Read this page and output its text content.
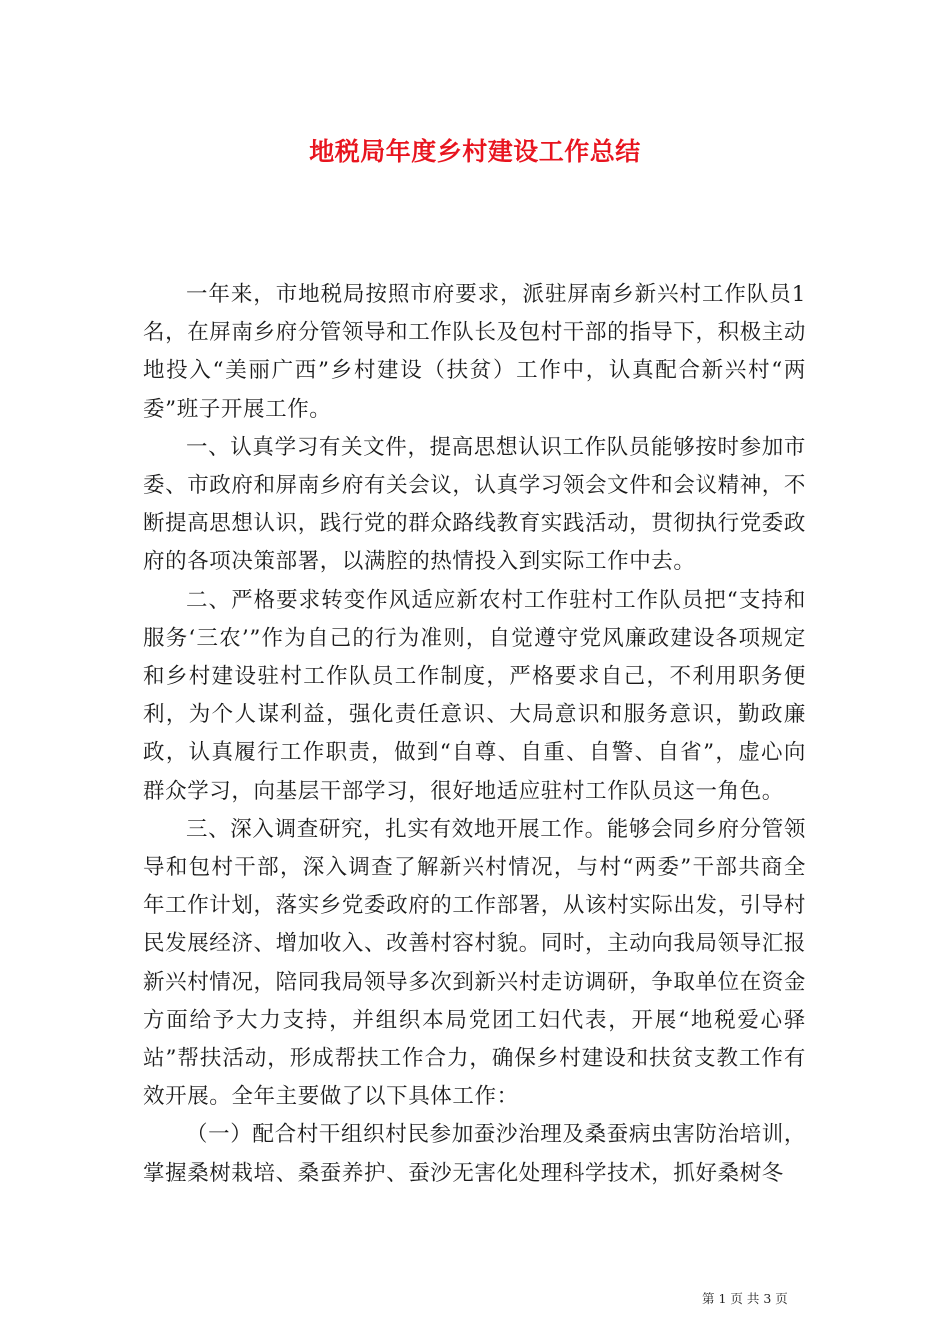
地税局年度乡村建设工作总结

一年来，市地税局按照市府要求，派驻屏南乡新兴村工作队员1名，在屏南乡府分管领导和工作队长及包村干部的指导下，积极主动地投入“美丽广西”乡村建设（扶贫）工作中，认真配合新兴村“两委”班子开展工作。

一、认真学习有关文件，提高思想认识工作队员能够按时参加市委、市政府和屏南乡府有关会议，认真学习领会文件和会议精神，不断提高思想认识，践行党的群众路线教育实践活动，贯彻执行党委政府的各项决策部署，以满腔的热情投入到实际工作中去。

二、严格要求转变作风适应新农村工作驻村工作队员把“支持和服务‘三农’”作为自己的行为准则，自觉遵守党风廉政建设各项规定和乡村建设驻村工作队员工作制度，严格要求自己，不利用职务便利，为个人谋利益，强化责任意识、大局意识和服务意识，勤政廉政，认真履行工作职责，做到“自尊、自重、自警、自省”，虚心向群众学习，向基层干部学习，很好地适应驻村工作队员这一角色。

三、深入调查研究，扎实有效地开展工作。能够会同乡府分管领导和包村干部，深入调查了解新兴村情况，与村“两委”干部共商全年工作计划，落实乡党委政府的工作部署，从该村实际出发，引导村民发展经济、增加收入、改善村容村貌。同时，主动向我局领导汇报新兴村情况，陪同我局领导多次到新兴村走访调研，争取单位在资金方面给予大力支持，并组织本局党团工妇代表，开展“地税爱心驿站”帮扶活动，形成帮扶工作合力，确保乡村建设和扶贫支教工作有效开展。全年主要做了以下具体工作：

（一）配合村干组织村民参加蚕沙治理及桑蚕病虫害防治培训，掌握桑树栽培、桑蚕养护、蚕沙无害化处理科学技术，抓好桑树冬

第 1 页 共 3 页
